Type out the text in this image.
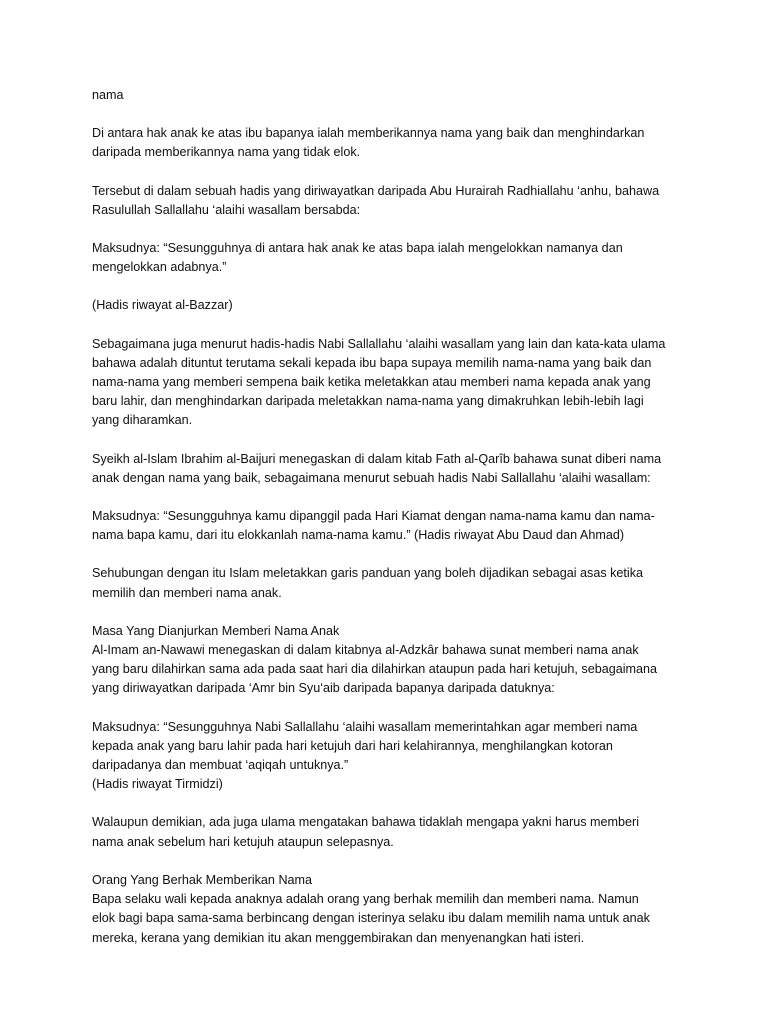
nama

Di antara hak anak ke atas ibu bapanya ialah memberikannya nama yang baik dan menghindarkan

daripada memberikannya nama yang tidak elok.

Tersebut di dalam sebuah hadis yang diriwayatkan daripada Abu Hurairah Radhiallahu ‘anhu, bahawa

Rasulullah Sallallahu ‘alaihi wasallam bersabda:

Maksudnya: “Sesungguhnya di antara hak anak ke atas bapa ialah mengelokkan namanya dan

mengelokkan adabnya.”

(Hadis riwayat al-Bazzar)

Sebagaimana juga menurut hadis-hadis Nabi Sallallahu ‘alaihi wasallam yang lain dan kata-kata ulama

bahawa adalah dituntut terutama sekali kepada ibu bapa supaya memilih nama-nama yang baik dan

nama-nama yang memberi sempena baik ketika meletakkan atau memberi nama kepada anak yang

baru lahir, dan menghindarkan daripada meletakkan nama-nama yang dimakruhkan lebih-lebih lagi

yang diharamkan.

Syeikh al-Islam Ibrahim al-Baijuri menegaskan di dalam kitab Fath al-Qarîb bahawa sunat diberi nama

anak dengan nama yang baik, sebagaimana menurut sebuah hadis Nabi Sallallahu ‘alaihi wasallam:

Maksudnya: “Sesungguhnya kamu dipanggil pada Hari Kiamat dengan nama-nama kamu dan nama-

nama bapa kamu, dari itu elokkanlah nama-nama kamu.” (Hadis riwayat Abu Daud dan Ahmad)

Sehubungan dengan itu Islam meletakkan garis panduan yang boleh dijadikan sebagai asas ketika

memilih dan memberi nama anak.

Masa Yang Dianjurkan Memberi Nama Anak

Al-Imam an-Nawawi menegaskan di dalam kitabnya al-Adzkâr bahawa sunat memberi nama anak

yang baru dilahirkan sama ada pada saat hari dia dilahirkan ataupun pada hari ketujuh, sebagaimana

yang diriwayatkan daripada ‘Amr bin Syu‘aib daripada bapanya daripada datuknya:

Maksudnya: “Sesungguhnya Nabi Sallallahu ‘alaihi wasallam memerintahkan agar memberi nama

kepada anak yang baru lahir pada hari ketujuh dari hari kelahirannya, menghilangkan kotoran

daripadanya dan membuat ‘aqiqah untuknya.”

(Hadis riwayat Tirmidzi)

Walaupun demikian, ada juga ulama mengatakan bahawa tidaklah mengapa yakni harus memberi

nama anak sebelum hari ketujuh ataupun selepasnya.

Orang Yang Berhak Memberikan Nama

Bapa selaku wali kepada anaknya adalah orang yang berhak memilih dan memberi nama. Namun

elok bagi bapa sama-sama berbincang dengan isterinya selaku ibu dalam memilih nama untuk anak

mereka, kerana yang demikian itu akan menggembirakan dan menyenangkan hati isteri.
